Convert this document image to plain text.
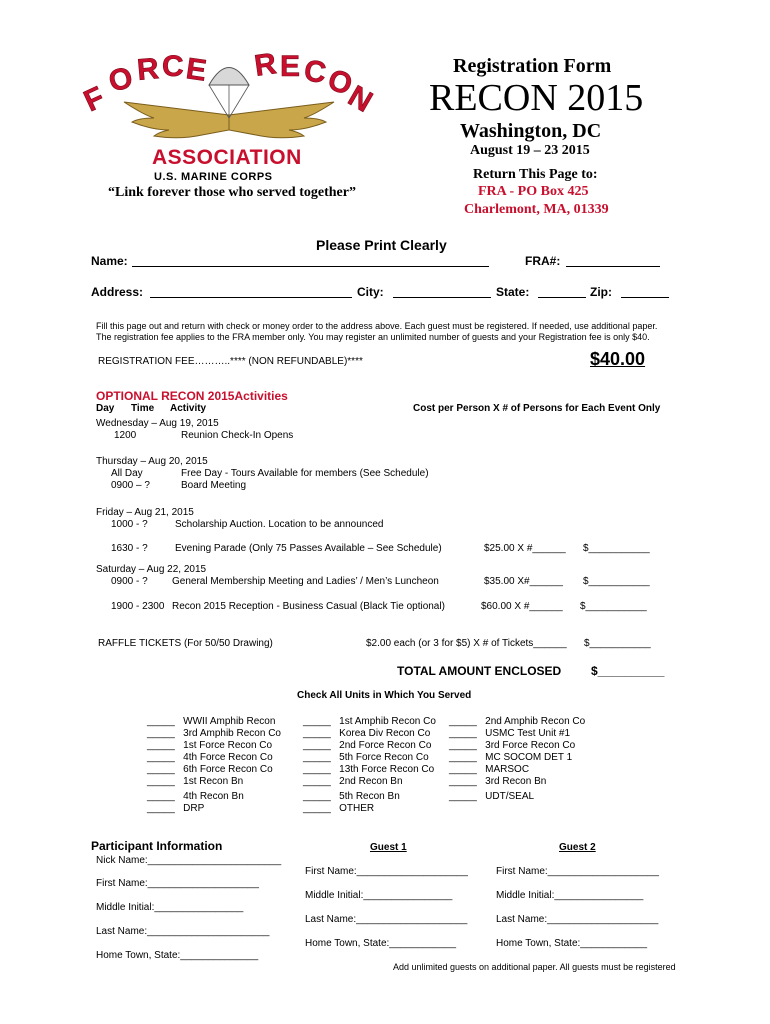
F
O R C E R E C
O
N
ASSOCIATION
U.S. MARINE CORPS
“Link forever those who served together”
Registration Form
RECON 2015
Washington, DC
August 19 – 23 2015
Return This Page to:
FRA - PO Box 425
Charlemont, MA, 01339
Please Print Clearly
Name:	FRA#:
Address:	City:	State:	Zip:
Fill this page out and return with check or money order to the address above. Each guest must be registered. If needed, use additional paper.
The registration fee applies to the FRA member only. You may register an unlimited number of guests and your Registration fee is only $40.
REGISTRATION FEE………..**** (NON REFUNDABLE)****	$40.00
OPTIONAL RECON 2015Activities
Day Time Activity	Cost per Person X # of Persons for Each Event Only
Wednesday – Aug 19, 2015
1200	Reunion Check-In Opens
Thursday – Aug 20, 2015
All Day	Free Day - Tours Available for members (See Schedule)
0900 – ?	Board Meeting
Friday – Aug 21, 2015
1000 - ?	Scholarship Auction. Location to be announced
1630 - ?	Evening Parade (Only 75 Passes Available – See Schedule)	$25.00 X #______ $___________
Saturday – Aug 22, 2015
0900 - ? General Membership Meeting and Ladies’ / Men’s Luncheon	$35.00 X#______ $___________
1900 - 2300 Recon 2015 Reception - Business Casual (Black Tie optional)	$60.00 X #______ $___________
RAFFLE TICKETS (For 50/50 Drawing)	$2.00 each (or 3 for $5) X # of Tickets______ $___________
TOTAL AMOUNT ENCLOSED $__________
Check All Units in Which You Served
_____ WWII Amphib Recon
_____ 3rd Amphib Recon Co
_____ 1st Force Recon Co
_____ 4th Force Recon Co
_____ 6th Force Recon Co
_____ 1st Recon Bn
_____ 4th Recon Bn
_____ DRP
_____ 1st Amphib Recon Co
_____ Korea Div Recon Co
_____ 2nd Force Recon Co
_____ 5th Force Recon Co
_____ 13th Force Recon Co
_____ 2nd Recon Bn
_____ 5th Recon Bn
_____ OTHER
_____ 2nd Amphib Recon Co
_____ USMC Test Unit #1
_____ 3rd Force Recon Co
_____ MC SOCOM DET 1
_____ MARSOC
_____ 3rd Recon Bn
_____ UDT/SEAL
Participant Information	Guest 1	Guest 2
Nick Name:________________________
First Name:____________________
Middle Initial:________________
Last Name:______________________
Home Town, State:______________
First Name:____________________
Middle Initial:________________
Last Name:____________________
Home Town, State:____________
First Name:____________________
Middle Initial:________________
Last Name:____________________
Home Town, State:____________
Add unlimited guests on additional paper. All guests must be registered
